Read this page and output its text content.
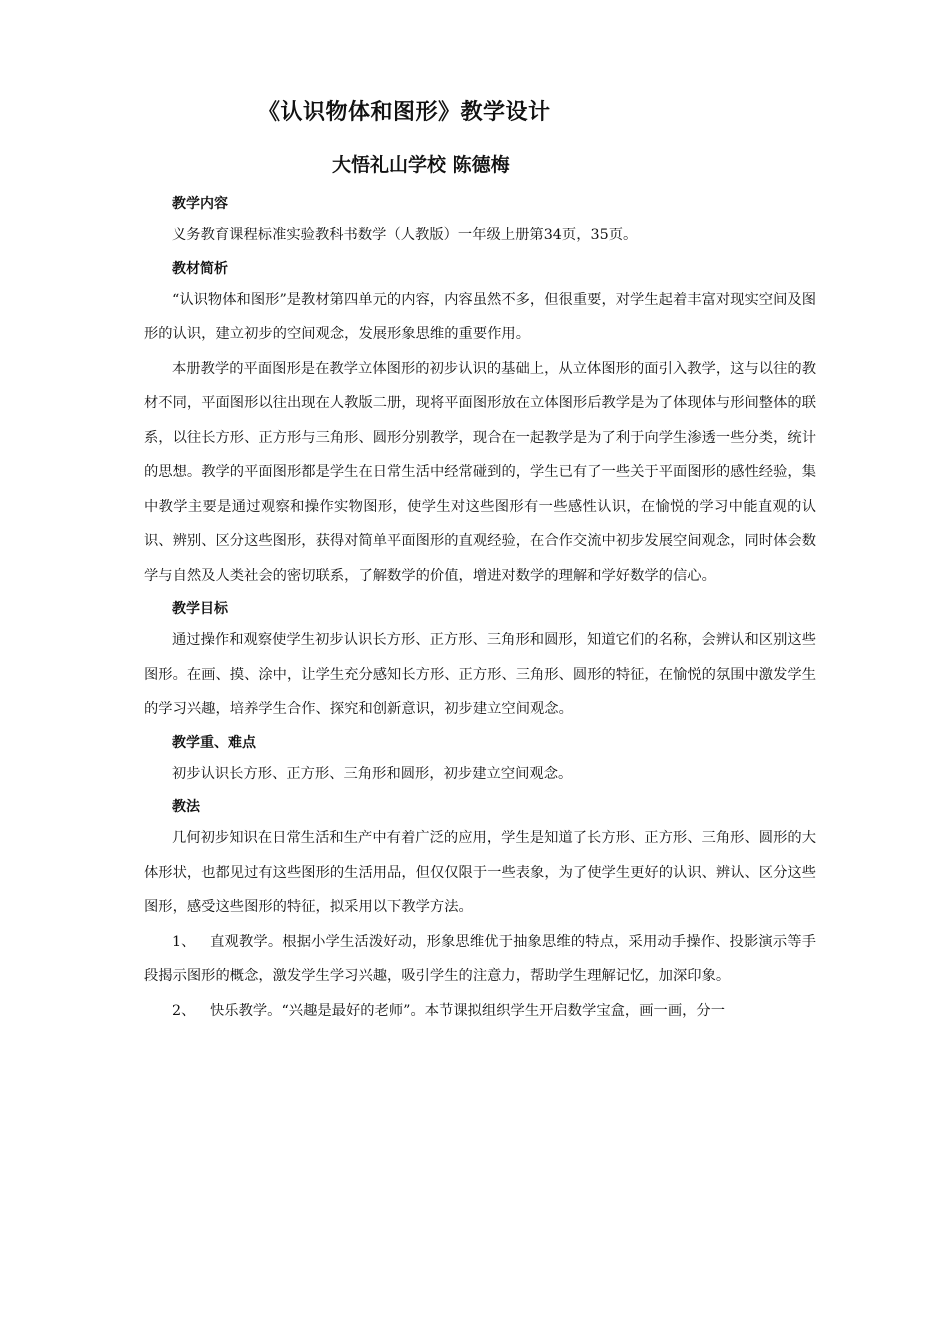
《认识物体和图形》教学设计
大悟礼山学校 陈德梅
教学内容

义务教育课程标准实验教科书数学（人教版）一年级上册第34页，35页。

教材简析

“认识物体和图形”是教材第四单元的内容，内容虽然不多，但很重要，对学生起着丰富对现实空间及图形的认识，建立初步的空间观念，发展形象思维的重要作用。

本册教学的平面图形是在教学立体图形的初步认识的基础上，从立体图形的面引入教学，这与以往的教材不同，平面图形以往出现在人教版二册，现将平面图形放在立体图形后教学是为了体现体与形间整体的联系，以往长方形、正方形与三角形、圆形分别教学，现合在一起教学是为了利于向学生渗透一些分类，统计的思想。教学的平面图形都是学生在日常生活中经常碰到的，学生已有了一些关于平面图形的感性经验，集中教学主要是通过观察和操作实物图形，使学生对这些图形有一些感性认识，在愉悦的学习中能直观的认识、辨别、区分这些图形，获得对简单平面图形的直观经验，在合作交流中初步发展空间观念，同时体会数学与自然及人类社会的密切联系，了解数学的价值，增进对数学的理解和学好数学的信心。

教学目标

通过操作和观察使学生初步认识长方形、正方形、三角形和圆形，知道它们的名称，会辨认和区别这些图形。在画、摸、涂中，让学生充分感知长方形、正方形、三角形、圆形的特征，在愉悦的氛围中激发学生的学习兴趣，培养学生合作、探究和创新意识，初步建立空间观念。

教学重、难点

初步认识长方形、正方形、三角形和圆形，初步建立空间观念。

教法

几何初步知识在日常生活和生产中有着广泛的应用，学生是知道了长方形、正方形、三角形、圆形的大体形状，也都见过有这些图形的生活用品，但仅仅限于一些表象，为了使学生更好的认识、辨认、区分这些图形，感受这些图形的特征，拟采用以下教学方法。

1、 直观教学。根据小学生活泼好动，形象思维优于抽象思维的特点，采用动手操作、投影演示等手段揭示图形的概念，激发学生学习兴趣，吸引学生的注意力，帮助学生理解记忆，加深印象。

2、 快乐教学。“兴趣是最好的老师”。本节课拟组织学生开启数学宝盒，画一画，分一
